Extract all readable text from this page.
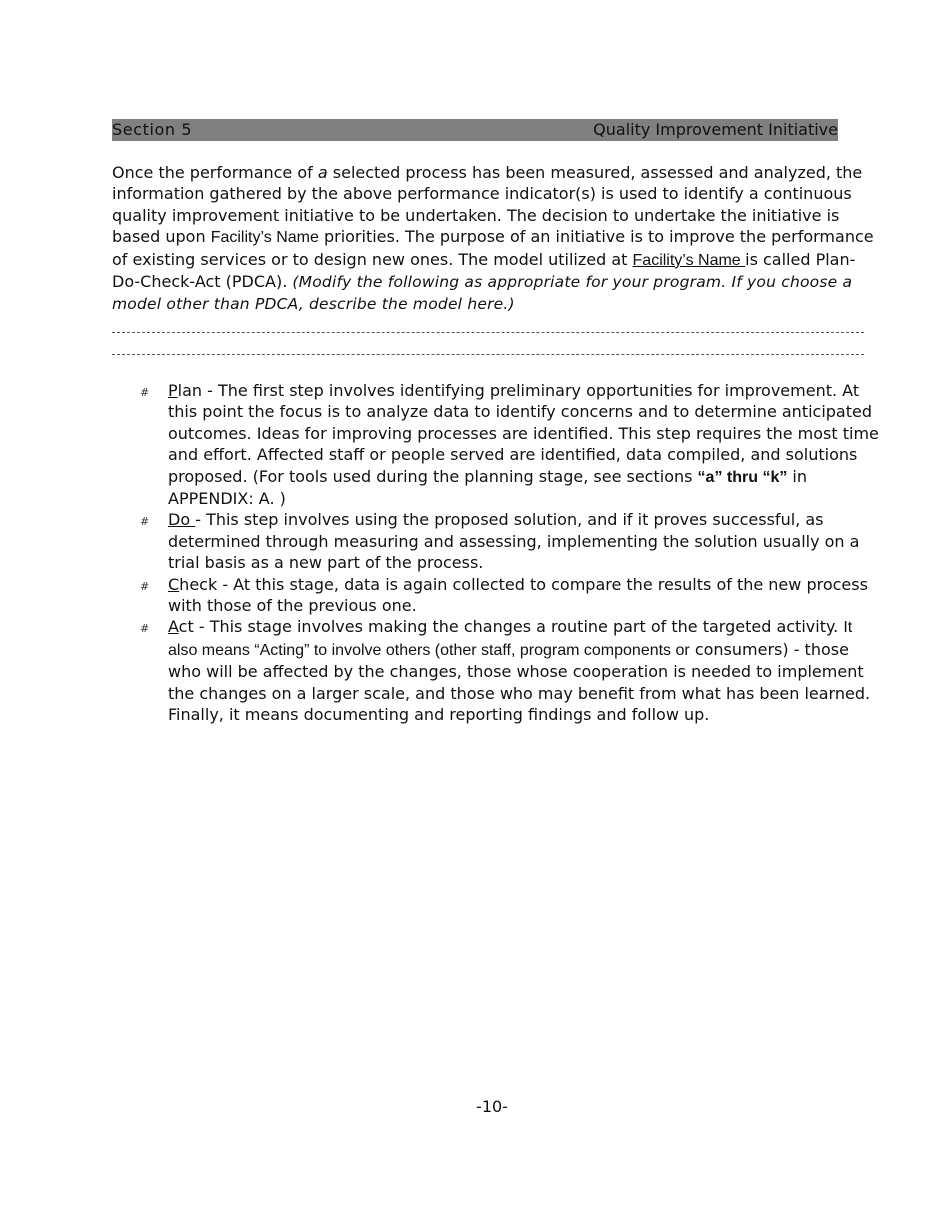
Section 5	Quality Improvement Initiative
Once the performance of a selected process has been measured, assessed and analyzed, the information gathered by the above performance indicator(s) is used to identify a continuous quality improvement initiative to be undertaken. The decision to undertake the initiative is based upon Facility’s Name priorities. The purpose of an initiative is to improve the performance of existing services or to design new ones. The model utilized at Facility’s Name is called Plan-Do-Check-Act (PDCA). (Modify the following as appropriate for your program. If you choose a model other than PDCA, describe the model here.)
# Plan - The first step involves identifying preliminary opportunities for improvement. At this point the focus is to analyze data to identify concerns and to determine anticipated outcomes. Ideas for improving processes are identified. This step requires the most time and effort. Affected staff or people served are identified, data compiled, and solutions proposed. (For tools used during the planning stage, see sections “a” thru “k” in APPENDIX: A. )
# Do - This step involves using the proposed solution, and if it proves successful, as determined through measuring and assessing, implementing the solution usually on a trial basis as a new part of the process.
# Check - At this stage, data is again collected to compare the results of the new process with those of the previous one.
# Act - This stage involves making the changes a routine part of the targeted activity. It also means “Acting” to involve others (other staff, program components or consumers) - those who will be affected by the changes, those whose cooperation is needed to implement the changes on a larger scale, and those who may benefit from what has been learned. Finally, it means documenting and reporting findings and follow up.
-10-
